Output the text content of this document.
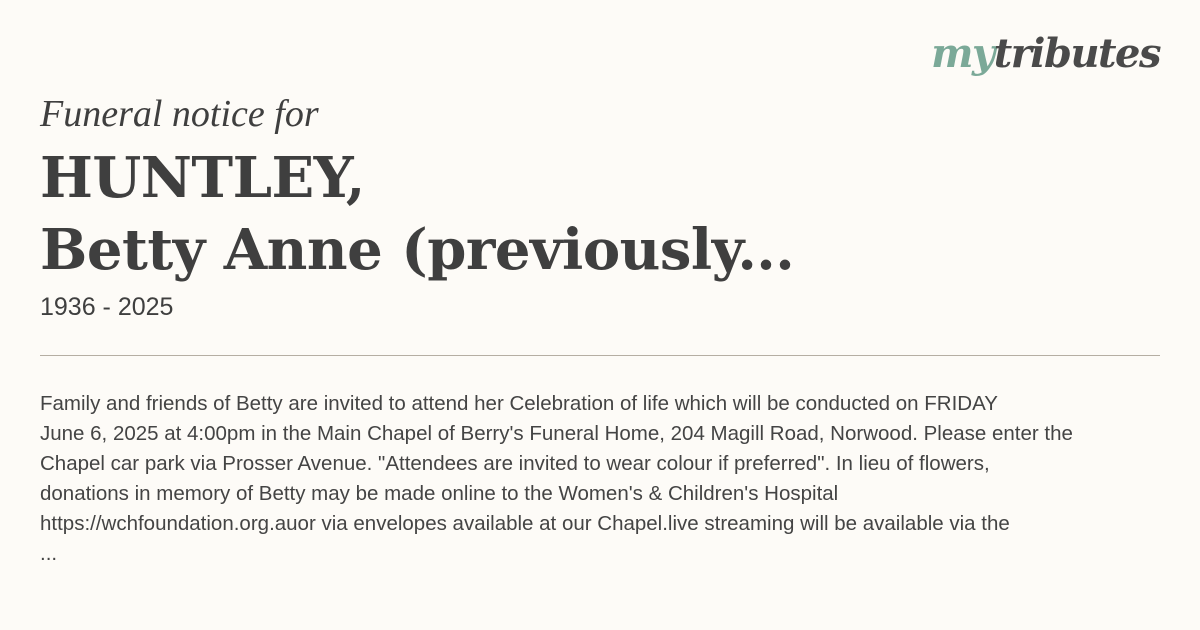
mytributes

Funeral notice for

HUNTLEY,
Betty Anne (previously...

1936 - 2025

Family and friends of Betty are invited to attend her Celebration of life which will be conducted on FRIDAY
June 6, 2025 at 4:00pm in the Main Chapel of Berry's Funeral Home, 204 Magill Road, Norwood. Please enter the
Chapel car park via Prosser Avenue. "Attendees are invited to wear colour if preferred". In lieu of flowers,
donations in memory of Betty may be made online to the Women's & Children's Hospital
https://wchfoundation.org.auor via envelopes available at our Chapel.live streaming will be available via the
...
